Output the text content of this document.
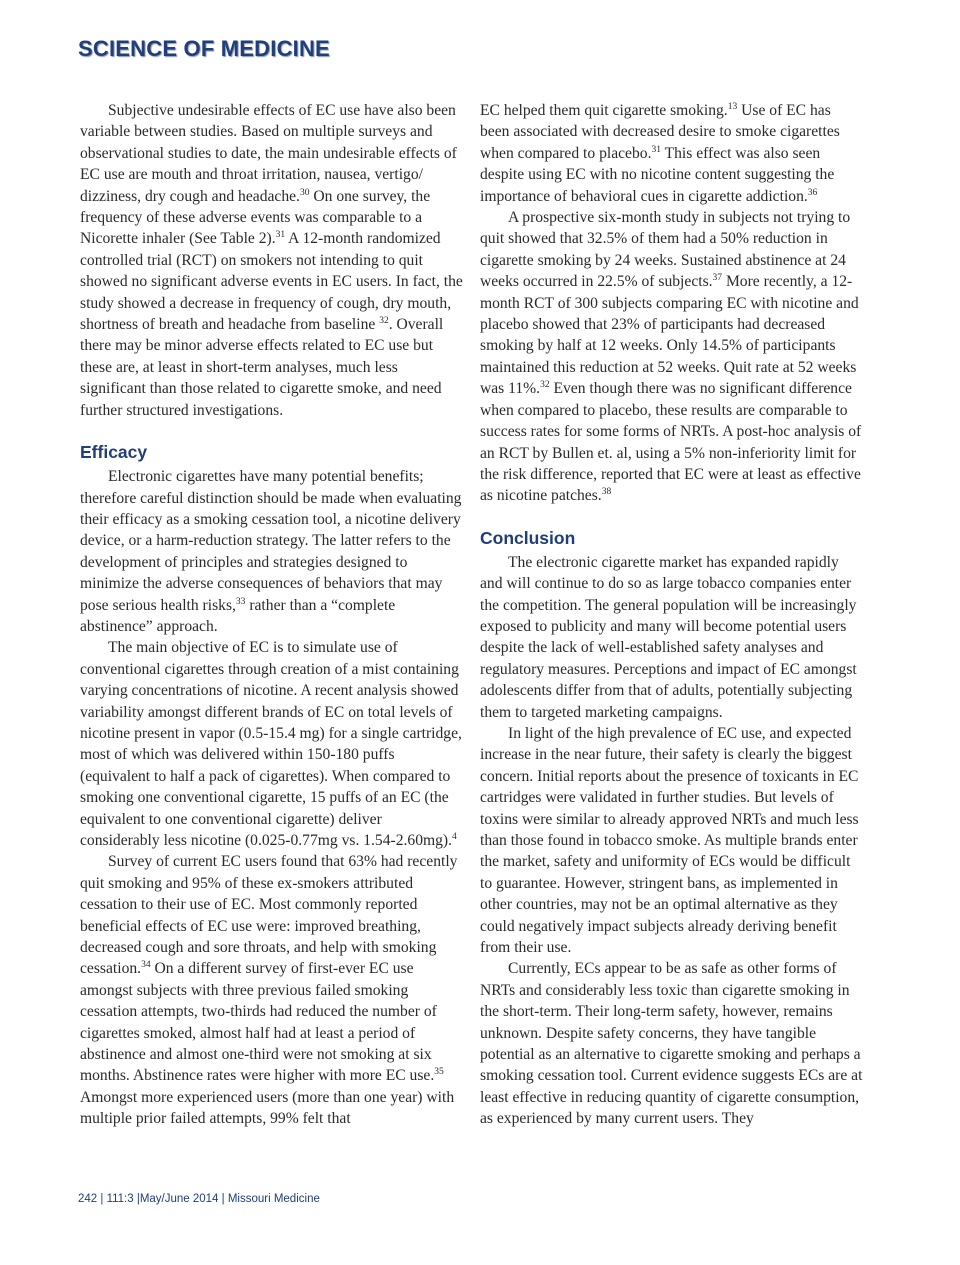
SCIENCE OF MEDICINE

Subjective undesirable effects of EC use have also been variable between studies. Based on multiple surveys and observational studies to date, the main undesirable effects of EC use are mouth and throat irritation, nausea, vertigo/ dizziness, dry cough and headache.$^{30}$ On one survey, the frequency of these adverse events was comparable to a Nicorette inhaler (See Table 2).$^{31}$ A 12-month randomized controlled trial (RCT) on smokers not intending to quit showed no significant adverse events in EC users. In fact, the study showed a decrease in frequency of cough, dry mouth, shortness of breath and headache from baseline $^{32}$. Overall there may be minor adverse effects related to EC use but these are, at least in short-term analyses, much less significant than those related to cigarette smoke, and need further structured investigations.

Efficacy

Electronic cigarettes have many potential benefits; therefore careful distinction should be made when evaluating their efficacy as a smoking cessation tool, a nicotine delivery device, or a harm-reduction strategy. The latter refers to the development of principles and strategies designed to minimize the adverse consequences of behaviors that may pose serious health risks,$^{33}$ rather than a “complete abstinence” approach.

The main objective of EC is to simulate use of conventional cigarettes through creation of a mist containing varying concentrations of nicotine. A recent analysis showed variability amongst different brands of EC on total levels of nicotine present in vapor (0.5-15.4 mg) for a single cartridge, most of which was delivered within 150-180 puffs (equivalent to half a pack of cigarettes). When compared to smoking one conventional cigarette, 15 puffs of an EC (the equivalent to one conventional cigarette) deliver considerably less nicotine (0.025-0.77mg vs. 1.54-2.60mg).$^4$

Survey of current EC users found that 63% had recently quit smoking and 95% of these ex-smokers attributed cessation to their use of EC. Most commonly reported beneficial effects of EC use were: improved breathing, decreased cough and sore throats, and help with smoking cessation.$^{34}$ On a different survey of first-ever EC use amongst subjects with three previous failed smoking cessation attempts, two-thirds had reduced the number of cigarettes smoked, almost half had at least a period of abstinence and almost one-third were not smoking at six months. Abstinence rates were higher with more EC use.$^{35}$ Amongst more experienced users (more than one year) with multiple prior failed attempts, 99% felt that

EC helped them quit cigarette smoking.$^{13}$ Use of EC has been associated with decreased desire to smoke cigarettes when compared to placebo.$^{31}$ This effect was also seen despite using EC with no nicotine content suggesting the importance of behavioral cues in cigarette addiction.$^{36}$

A prospective six-month study in subjects not trying to quit showed that 32.5% of them had a 50% reduction in cigarette smoking by 24 weeks. Sustained abstinence at 24 weeks occurred in 22.5% of subjects.$^{37}$ More recently, a 12-month RCT of 300 subjects comparing EC with nicotine and placebo showed that 23% of participants had decreased smoking by half at 12 weeks. Only 14.5% of participants maintained this reduction at 52 weeks. Quit rate at 52 weeks was 11%.$^{32}$ Even though there was no significant difference when compared to placebo, these results are comparable to success rates for some forms of NRTs. A post-hoc analysis of an RCT by Bullen et. al, using a 5% non-inferiority limit for the risk difference, reported that EC were at least as effective as nicotine patches.$^{38}$

Conclusion

The electronic cigarette market has expanded rapidly and will continue to do so as large tobacco companies enter the competition. The general population will be increasingly exposed to publicity and many will become potential users despite the lack of well-established safety analyses and regulatory measures. Perceptions and impact of EC amongst adolescents differ from that of adults, potentially subjecting them to targeted marketing campaigns.

In light of the high prevalence of EC use, and expected increase in the near future, their safety is clearly the biggest concern. Initial reports about the presence of toxicants in EC cartridges were validated in further studies. But levels of toxins were similar to already approved NRTs and much less than those found in tobacco smoke. As multiple brands enter the market, safety and uniformity of ECs would be difficult to guarantee. However, stringent bans, as implemented in other countries, may not be an optimal alternative as they could negatively impact subjects already deriving benefit from their use.

Currently, ECs appear to be as safe as other forms of NRTs and considerably less toxic than cigarette smoking in the short-term. Their long-term safety, however, remains unknown. Despite safety concerns, they have tangible potential as an alternative to cigarette smoking and perhaps a smoking cessation tool. Current evidence suggests ECs are at least effective in reducing quantity of cigarette consumption, as experienced by many current users. They

242 | 111:3 |May/June 2014 | Missouri Medicine
